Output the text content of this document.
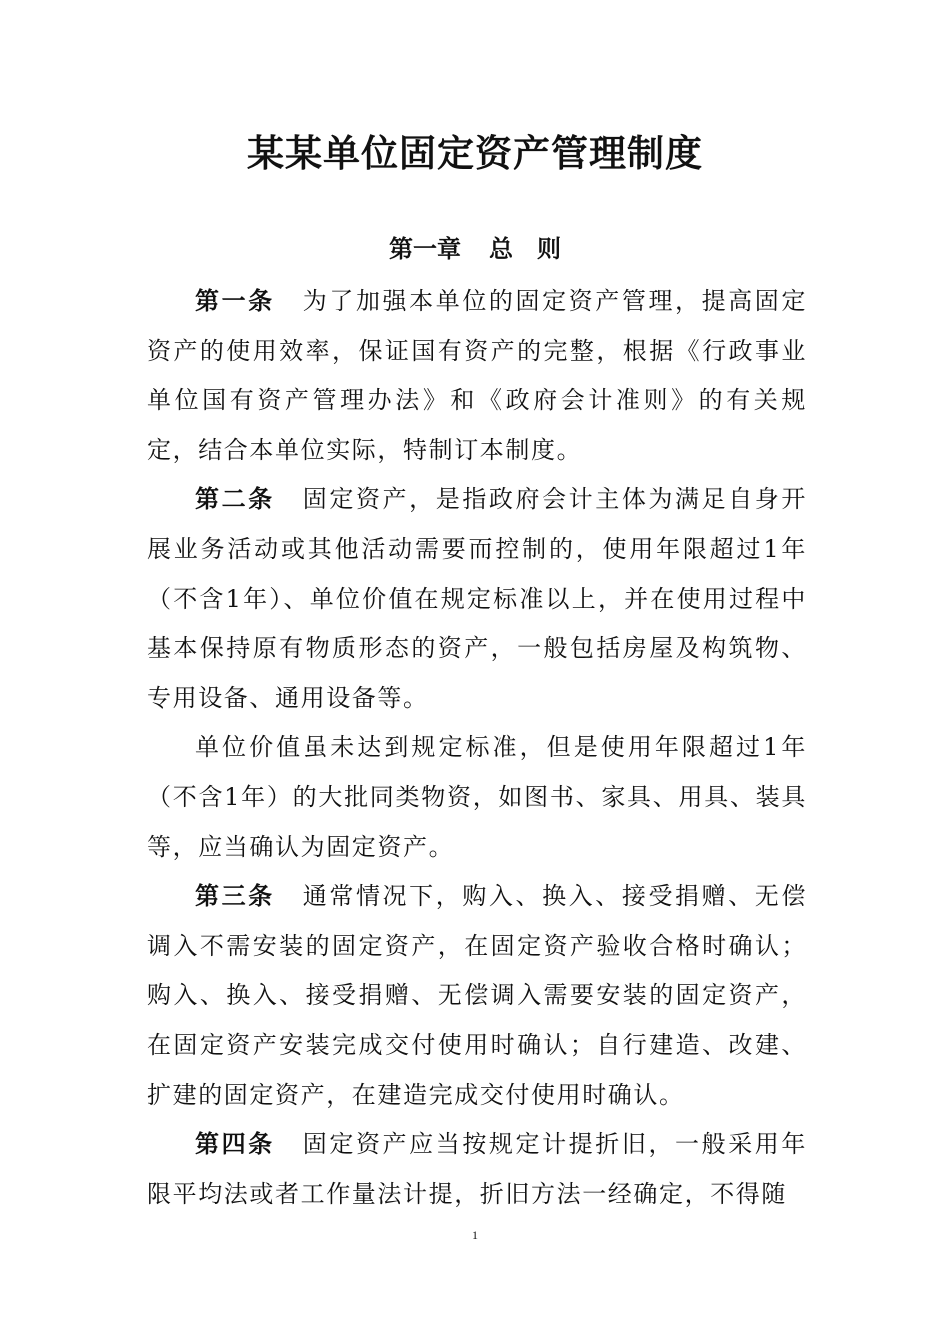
某某单位固定资产管理制度
第一章 总　则

第一条 为了加强本单位的固定资产管理，提高固定资产的使用效率，保证国有资产的完整，根据《行政事业单位国有资产管理办法》和《政府会计准则》的有关规定，结合本单位实际，特制订本制度。

第二条 固定资产，是指政府会计主体为满足自身开展业务活动或其他活动需要而控制的，使用年限超过1年（不含1年）、单位价值在规定标准以上，并在使用过程中基本保持原有物质形态的资产，一般包括房屋及构筑物、专用设备、通用设备等。

单位价值虽未达到规定标准，但是使用年限超过1年（不含1年）的大批同类物资，如图书、家具、用具、装具等，应当确认为固定资产。

第三条 通常情况下，购入、换入、接受捐赠、无偿调入不需安装的固定资产，在固定资产验收合格时确认；购入、换入、接受捐赠、无偿调入需要安装的固定资产，在固定资产安装完成交付使用时确认；自行建造、改建、扩建的固定资产，在建造完成交付使用时确认。

第四条 固定资产应当按规定计提折旧，一般采用年限平均法或者工作量法计提，折旧方法一经确定，不得随

1
